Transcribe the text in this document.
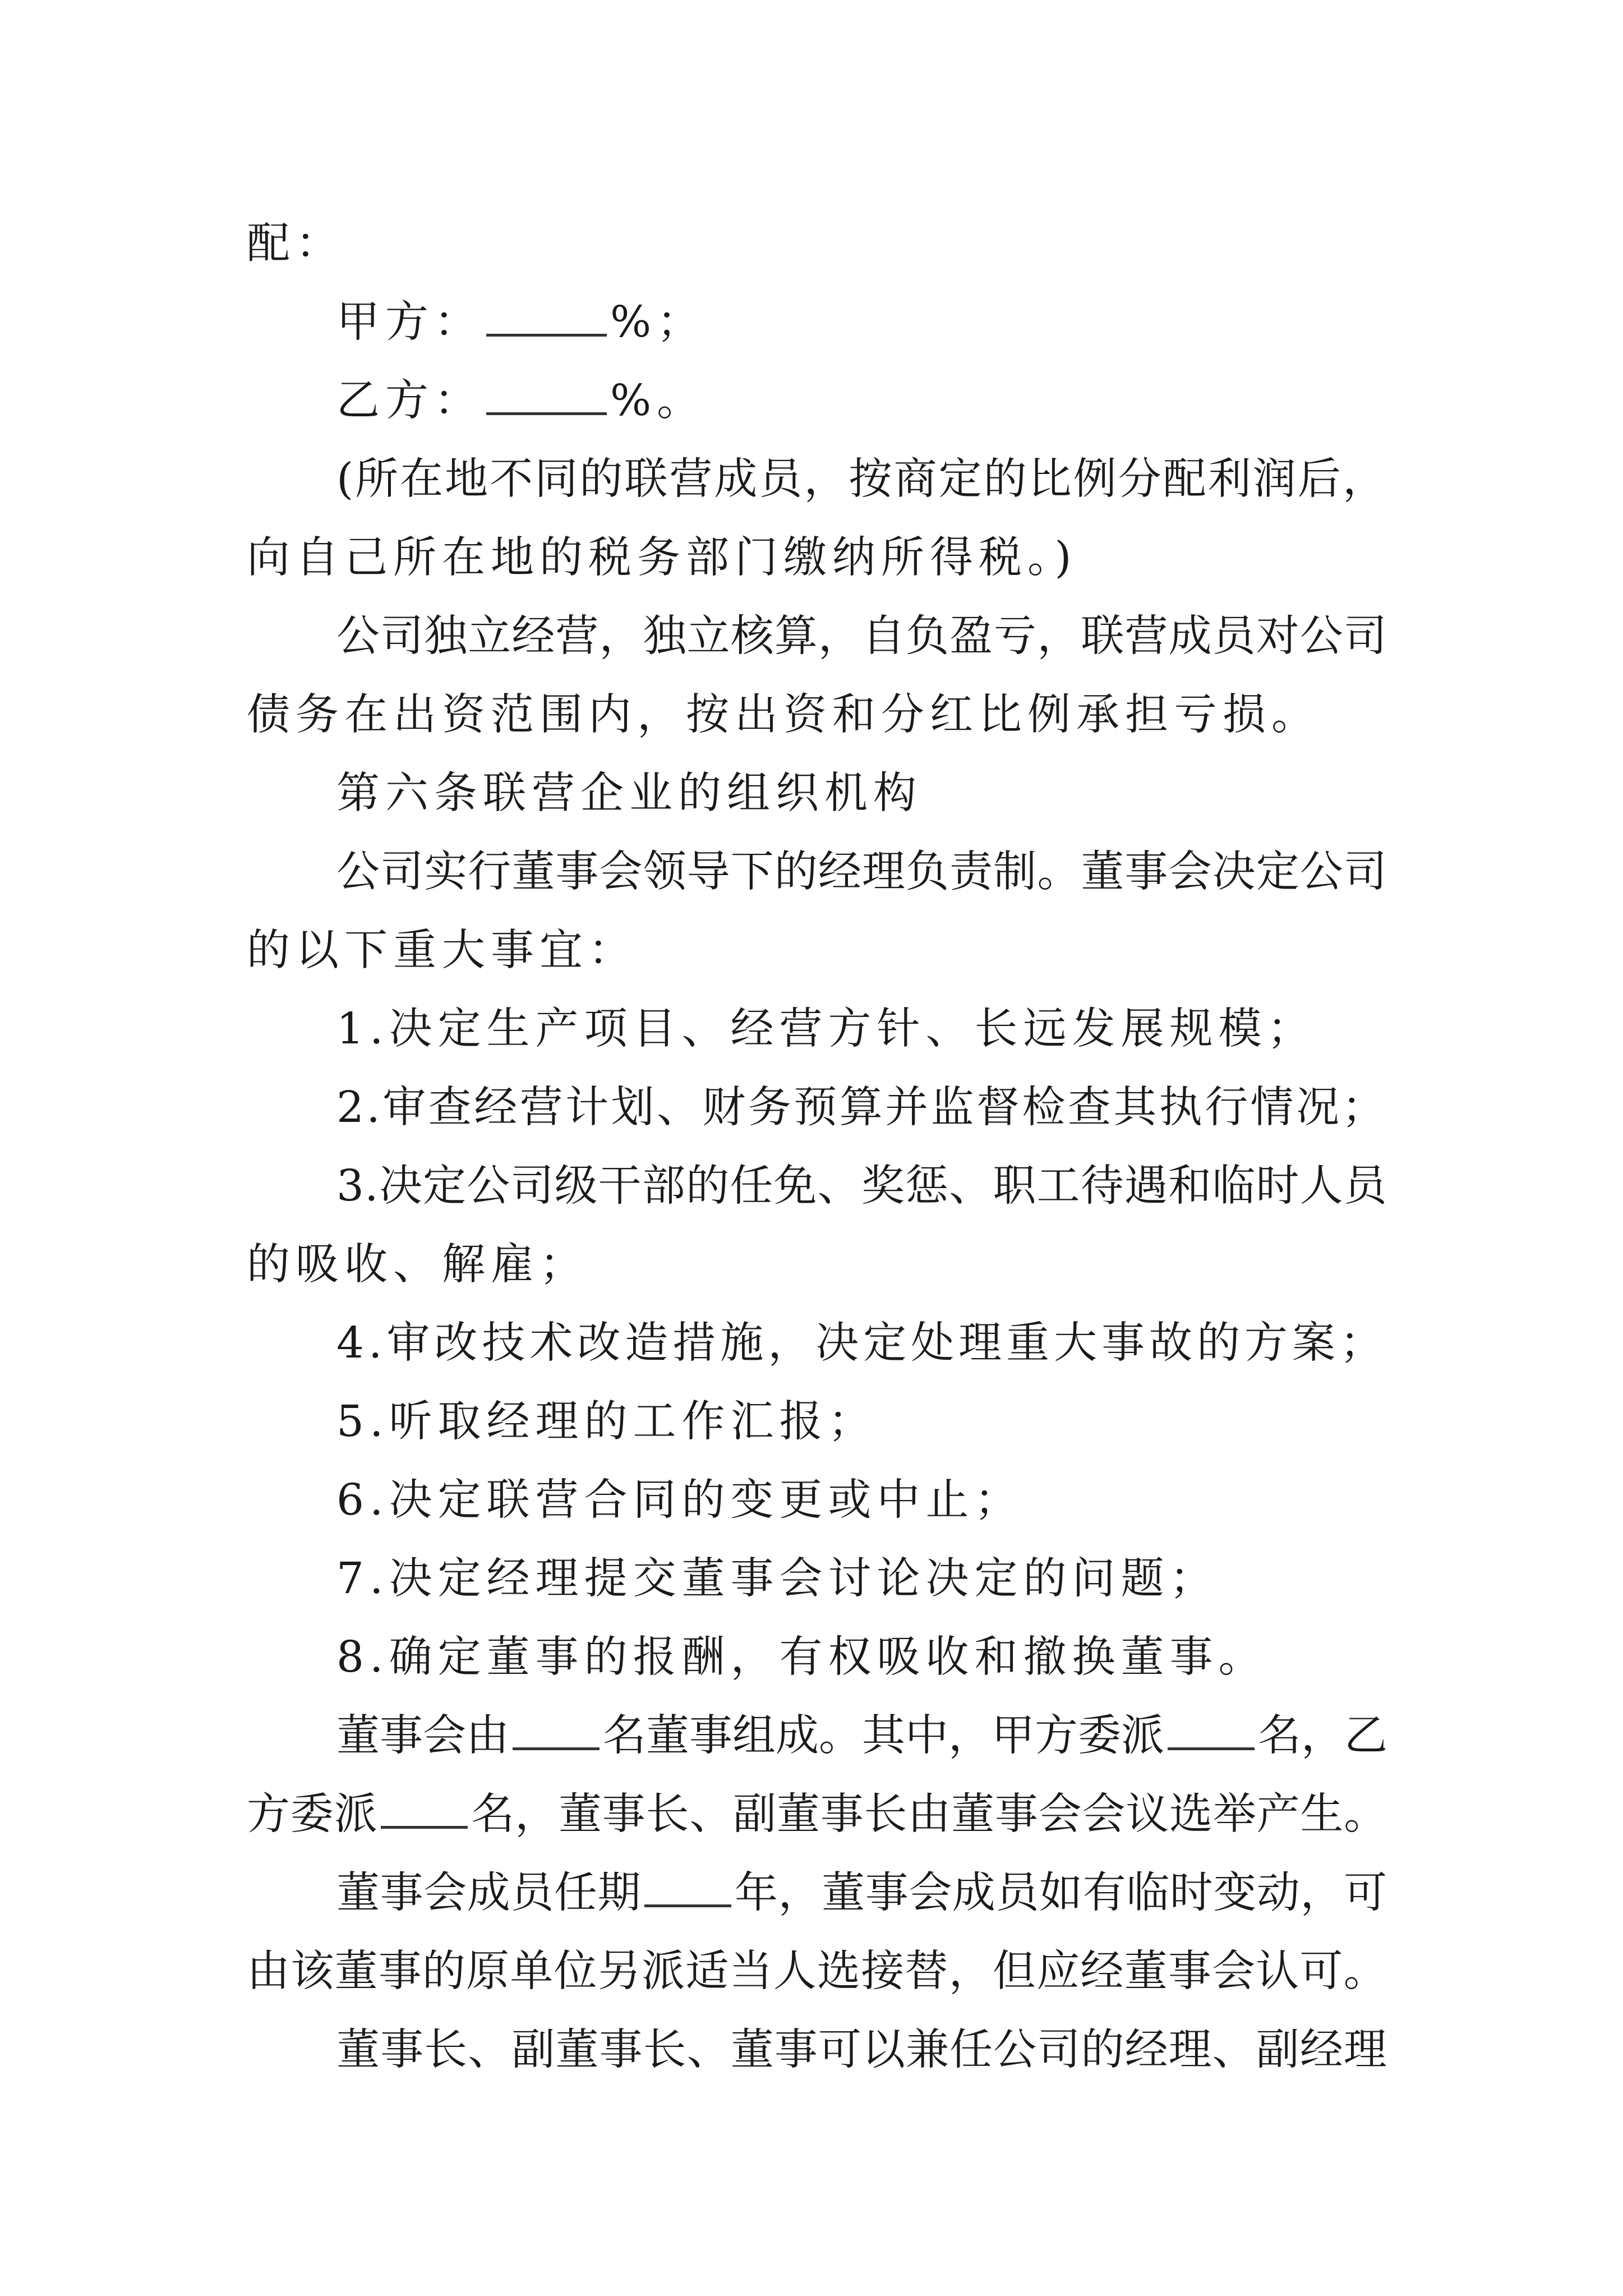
配：
甲方：	%；
乙方：	%。
(所在地不同的联营成员，按商定的比例分配利润后，
向自己所在地的税务部门缴纳所得税。)
公司独立经营，独立核算，自负盈亏，联营成员对公司
债务在出资范围内，按出资和分红比例承担亏损。
第六条联营企业的组织机构
公司实行董事会领导下的经理负责制。董事会决定公司
的以下重大事宜：
1.决定生产项目、经营方针、长远发展规模；
2.审查经营计划、财务预算并监督检查其执行情况；
3.决定公司级干部的任免、奖惩、职工待遇和临时人员
的吸收、解雇；
4.审改技术改造措施，决定处理重大事故的方案；
5.听取经理的工作汇报；
6.决定联营合同的变更或中止；
7.决定经理提交董事会讨论决定的问题；
8.确定董事的报酬，有权吸收和撤换董事。
董事会由 名董事组成。其中，甲方委派 名，乙
方委派 名，董事长、副董事长由董事会会议选举产生。
董事会成员任期 年，董事会成员如有临时变动，可
由该董事的原单位另派适当人选接替，但应经董事会认可。
董事长、副董事长、董事可以兼任公司的经理、副经理
